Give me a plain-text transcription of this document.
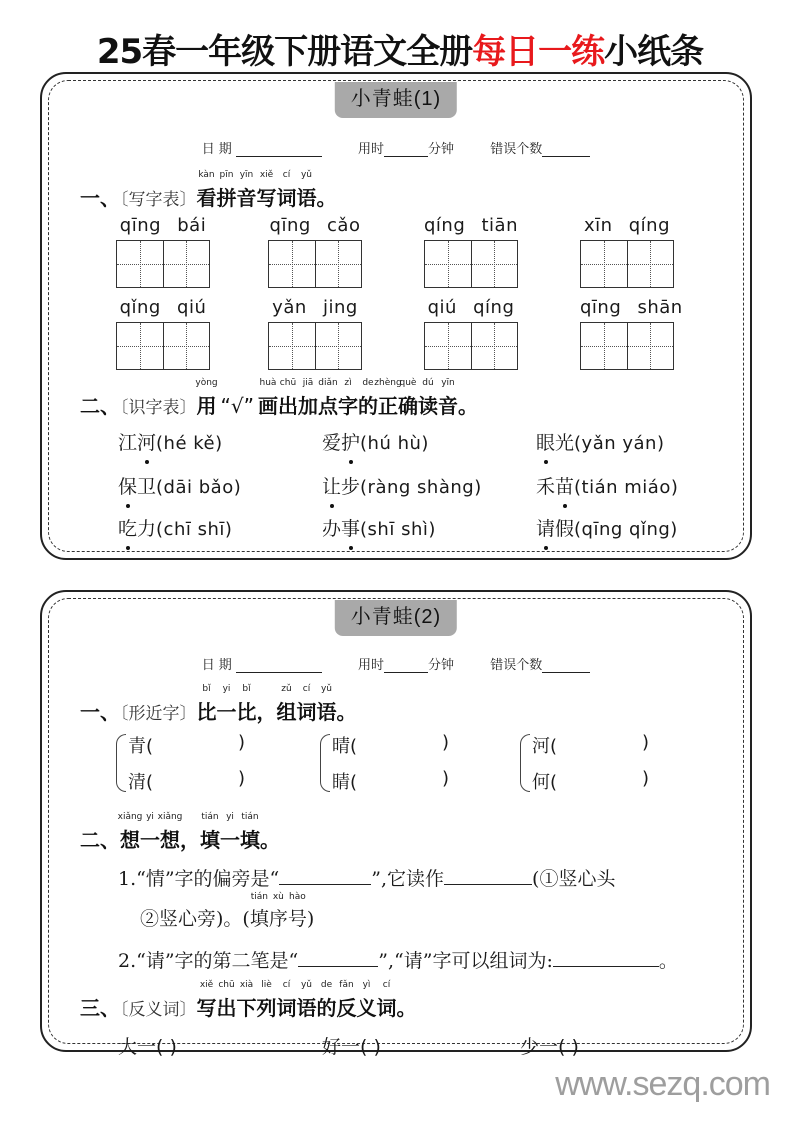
25春一年级下册语文全册每日一练小纸条
小青蛙(1)
日期	用时	分钟	错误个数
一、〔写字表〕
kàn
看
pīn
拼
yīn
音
xiě
写
cí
词
yǔ
语。
qīng bái	qīng cǎo	qíng tiān	xīn qíng
qǐng qiú	yǎn jing	qiú qíng	qīng shān
二、〔识字表〕
yòng
用 “√”
huà
画
chū
出
jiā
加
diǎn
点
zì
字
de
的
zhèng
正
què
确
dú
读
yīn
音。
江河(hé kě)	爱护(hú hù)	眼光(yǎn yán)
保卫(dāi bǎo)	让步(ràng shàng)	禾苗(tián miáo)
吃力(chī shī)	办事(shī shì)	请假(qīng qǐng)
小青蛙(2)
日期	用时	分钟	错误个数
一、〔形近字〕
bǐ
比
yi
一
bǐ
比
，
zǔ
组
cí
词
yǔ
语。
青(	)
清(	)
晴(	)
睛(	)
河(	)
何(	)
二、
xiǎng
想
yi
一
xiǎng
想
，
tián
填
yi
一
tián
填。
1.“情”字的偏旁是“	”,它读作	(①竖心头
②竖心旁)。(
tián
填
xù
序
hào
号)
2.“请”字的第二笔是“	”,“请”字可以组词为:	。
三、〔反义词〕
xiě
写
chū
出
xià
下
liè
列
cí
词
yǔ
语
de
的
fǎn
反
yì
义
cí
词。
大一( )	好一( )	少一( )
www.sezq.com
